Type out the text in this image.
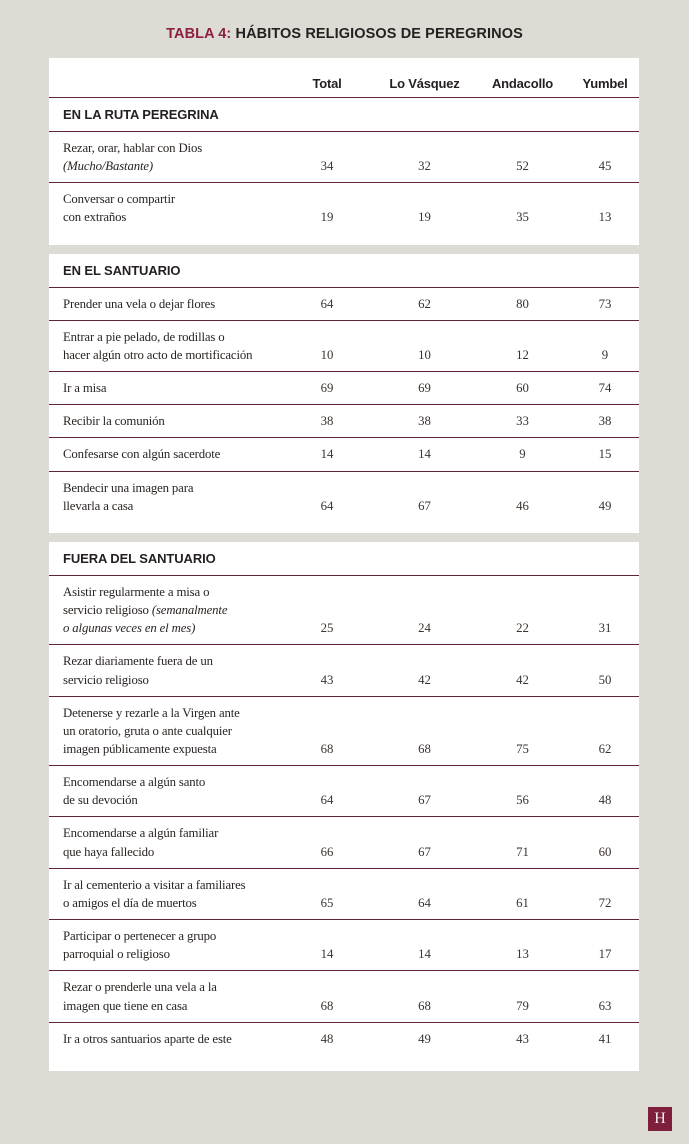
TABLA 4: HÁBITOS RELIGIOSOS DE PEREGRINOS
Total	Lo Vásquez	Andacollo	Yumbel
EN LA RUTA PEREGRINA
Rezar, orar, hablar con Dios
(Mucho/Bastante)	34	32	52	45
Conversar o compartir
con extraños	19	19	35	13
EN EL SANTUARIO
Prender una vela o dejar flores	64	62	80	73
Entrar a pie pelado, de rodillas o
hacer algún otro acto de mortificación	10	10	12	9
Ir a misa	69	69	60	74
Recibir la comunión	38	38	33	38
Confesarse con algún sacerdote	14	14	9	15
Bendecir una imagen para
llevarla a casa	64	67	46	49
FUERA DEL SANTUARIO
Asistir regularmente a misa o
servicio religioso (semanalmente
o algunas veces en el mes)	25	24	22	31
Rezar diariamente fuera de un
servicio religioso	43	42	42	50
Detenerse y rezarle a la Virgen ante
un oratorio, gruta o ante cualquier
imagen públicamente expuesta	68	68	75	62
Encomendarse a algún santo
de su devoción	64	67	56	48
Encomendarse a algún familiar
que haya fallecido	66	67	71	60
Ir al cementerio a visitar a familiares
o amigos el día de muertos	65	64	61	72
Participar o pertenecer a grupo
parroquial o religioso	14	14	13	17
Rezar o prenderle una vela a la
imagen que tiene en casa	68	68	79	63
Ir a otros santuarios aparte de este	48	49	43	41
H
